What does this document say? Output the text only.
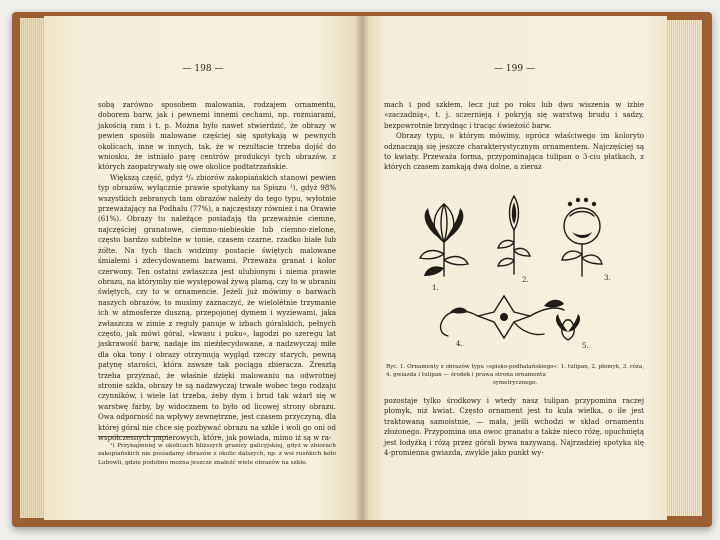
— 198 —

sobą zarówno sposobem malowania, rodzajem ornamentu, doborem barw, jak i pewnemi innemi cechami, np. rozmiarami, jakością ram i t. p. Można było nawet stwierdzić, że obrazy w pewien sposób malowane częściej się spotykają w pewnych okolicach, inne w innych, tak, że w rezultacie trzeba dojść do wniosku, że istniało parę centrów produkcyi tych obrazów, z których zaopatrywały się owe okolice podtatrzańskie.

Większą część, gdyż ⁴/₅ zbiorów zakopiańskich stanowi pewien typ obrazów, wyłącznie prawie spotykany na Spiszu ¹), gdyż 98% wszystkich zebranych tam obrazów należy do tego typu, wyłotnie przeważający na Podhalu (77%), a najczęstszy również i na Orawie (61%). Obrazy tu należące posiadają tła przeważnie ciemne, najczęściej granatowe, ciemno-niebieskie lub ciemno-zielone, często bardzo subtelne w tonie, czasem czarne, rzadko białe lub żółte. Na tych tłach widzimy postacie świętych malowane śmiałemi i zdecydowanemi barwami. Przeważa granat i kolor czerwony. Ten ostatni zwłaszcza jest ulubionym i niema prawie obrazu, na którymby nie występował żywą plamą, czy to w ubraniu świętych, czy to w ornamencie. Jeżeli już mówimy o barwach naszych obrazów, to musimy zaznaczyć, że wielolétnie trzymanie ich w atmosferze duszną, przepojonej dymem i wyziewami, jaka zwłaszcza w zimie z reguły panuje w izbach góralskich, pełnych często, jak mówi góral, »kwasu i puku«, łagodzi po szeregu lat jaskrawość barw, nadaje im nieźdecydowane, a nadzwyczaj miłe dla oka tony i obrazy otrzymują wygląd rzeczy starych, pewną patynę starości, która zawsze tak pociąga zbieracza. Zresztą trzeba przyznać, że właśnie dzięki malowaniu na odwrotnej stronie szkła, obrazy te są nadzwyczaj trwałe wobec tego rodzaju czynników, i wiele lat trzeba, żeby dym i brud tak wżarł się w warstwę farby, by widocznem to było od licowej strony obrazu. Owa odporność na wpływy zewnętrzne, jest czasem przyczyną, dla której góral nie chce się pozbywać obrazu na szkle i woli go oni od współczesnych papierowych, które, jak powiada, mimo iż są w ra-

¹) Przynajmniej w okolicach bliższych granicy galicyjskiej, gdyż w zbiorach zakopiańskich nie posiadamy obrazów z okolic dalszych, np. z wsi rusńkich koło Lubowli, gdzie podobno można jeszcze znaleźć wiele obrazów na szkle.

— 199 —

mach i pod szkłem, lecz już po roku lub dwu wiszenia w izbie »zaczadnią«, t. j. sczernieją i pokryją się warstwą brudu i sadzy, bezpowrotnie brzydnąc i tracąc świeżość barw.

Obrazy typu, o którym mówimy, oprócz właściwego im koloryto odznaczają się jeszcze charakterystycznym ornamentem. Najczęściej są to kwiaty. Przeważa forma, przypominająca tulipan o 3-ciu płatkach, z których czasem zamkają dwa dolne, a zieraz

1.
2.	3.
4.	5.
Ryc. 1. Ornamenty z obrazów typu »spisko-podhalańskiego«: 1. tulipan, 2. płomyk, 3. róża, 4. gwiazda i tulipan — środek i prawa strona ornamentu
symetrycznego.

pozostaje tylko środkowy i wtedy nasz tulipan przypomina raczej płomyk, niż kwiat. Często ornament jest to kula wielka, o ile jest traktowaną samoistnie, — mała, jeśli wchodzi w skład ornamentu złożonego. Przypomina ona owoc granatu a także nieco różę, opuchniętą jest łodyżką i rózą przez górali bywa nazywaną. Najrzadziej spotyka się 4-promienna gwiazda, zwykle jako punkt wy-
